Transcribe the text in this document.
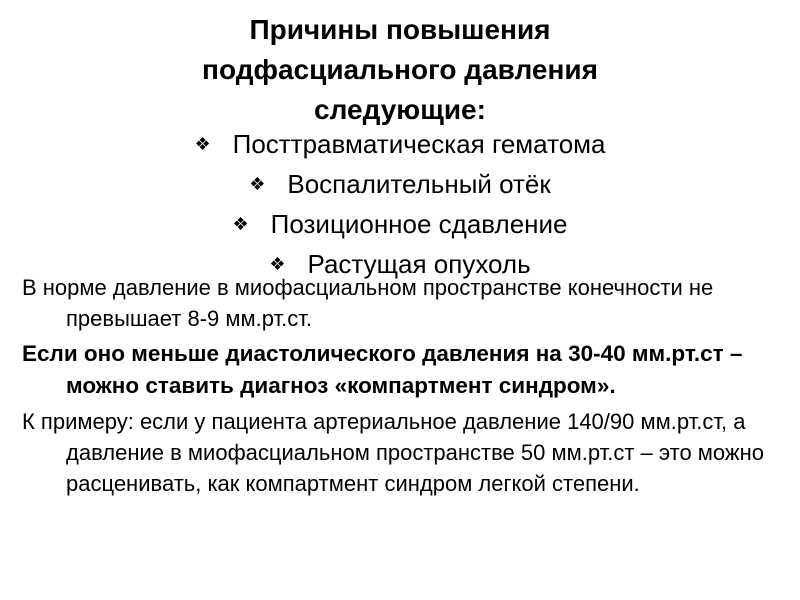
Причины повышения
подфасциального давления
следующие:
❖ Посттравматическая гематома
❖ Воспалительный отёк
❖ Позиционное сдавление
❖ Растущая опухоль

В норме давление в миофасциальном пространстве конечности не превышает 8-9 мм.рт.ст.

Если оно меньше диастолического давления на 30-40 мм.рт.ст – можно ставить диагноз «компартмент синдром».

К примеру: если у пациента артериальное давление 140/90 мм.рт.ст, а давление в миофасциальном пространстве 50 мм.рт.ст – это можно расценивать, как компартмент синдром легкой степени.
